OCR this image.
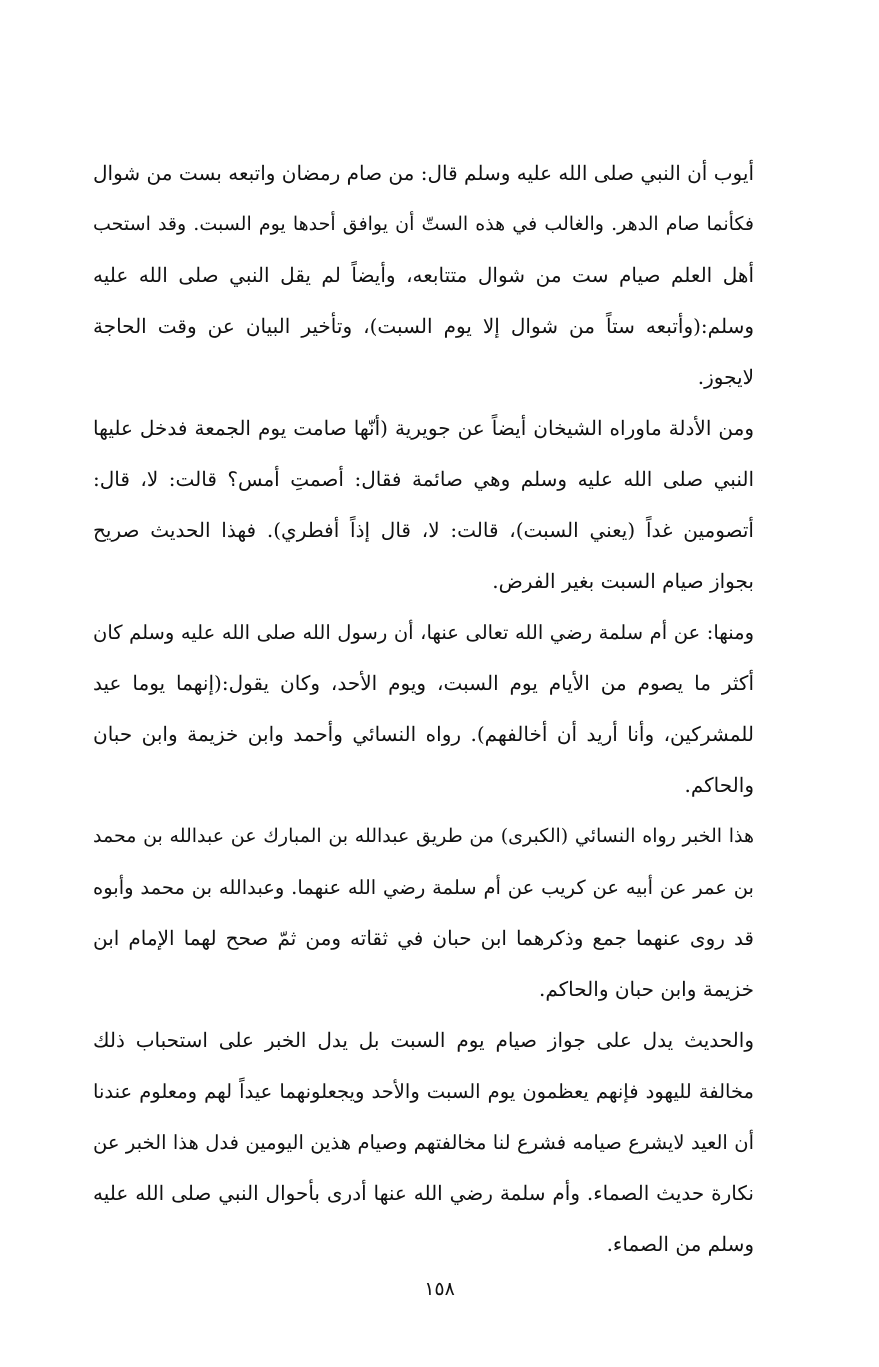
أيوب أن النبي صلى الله عليه وسلم قال: من صام رمضان واتبعه بست من شوال
فكأنما صام الدهر. والغالب في هذه الستّ أن يوافق أحدها يوم السبت. وقد استحب
أهل العلم صيام ست من شوال متتابعه، وأيضاً لم يقل النبي صلى الله عليه
وسلم:(وأتبعه ستاً من شوال إلا يوم السبت)، وتأخير البيان عن وقت الحاجة
لايجوز.
ومن الأدلة ماوراه الشيخان أيضاً عن جويرية (أنّها صامت يوم الجمعة فدخل عليها
النبي صلى الله عليه وسلم وهي صائمة فقال: أصمتِ أمس؟ قالت: لا، قال:
أتصومين غداً (يعني السبت)، قالت: لا، قال إذاً أفطري). فهذا الحديث صريح
بجواز صيام السبت بغير الفرض.
ومنها: عن أم سلمة رضي الله تعالى عنها، أن رسول الله صلى الله عليه وسلم كان
أكثر ما يصوم من الأيام يوم السبت، ويوم الأحد، وكان يقول:(إنهما يوما عيد
للمشركين، وأنا أريد أن أخالفهم). رواه النسائي وأحمد وابن خزيمة وابن حبان
والحاكم.
هذا الخبر رواه النسائي (الكبرى) من طريق عبدالله بن المبارك عن عبدالله بن محمد
بن عمر عن أبيه عن كريب عن أم سلمة رضي الله عنهما. وعبدالله بن محمد وأبوه
قد روى عنهما جمع وذكرهما ابن حبان في ثقاته ومن ثمّ صحح لهما الإمام ابن
خزيمة وابن حبان والحاكم.
والحديث يدل على جواز صيام يوم السبت بل يدل الخبر على استحباب ذلك
مخالفة لليهود فإنهم يعظمون يوم السبت والأحد ويجعلونهما عيداً لهم ومعلوم عندنا
أن العيد لايشرع صيامه فشرع لنا مخالفتهم وصيام هذين اليومين فدل هذا الخبر عن
نكارة حديث الصماء. وأم سلمة رضي الله عنها أدرى بأحوال النبي صلى الله عليه
وسلم من الصماء.
١٥٨
